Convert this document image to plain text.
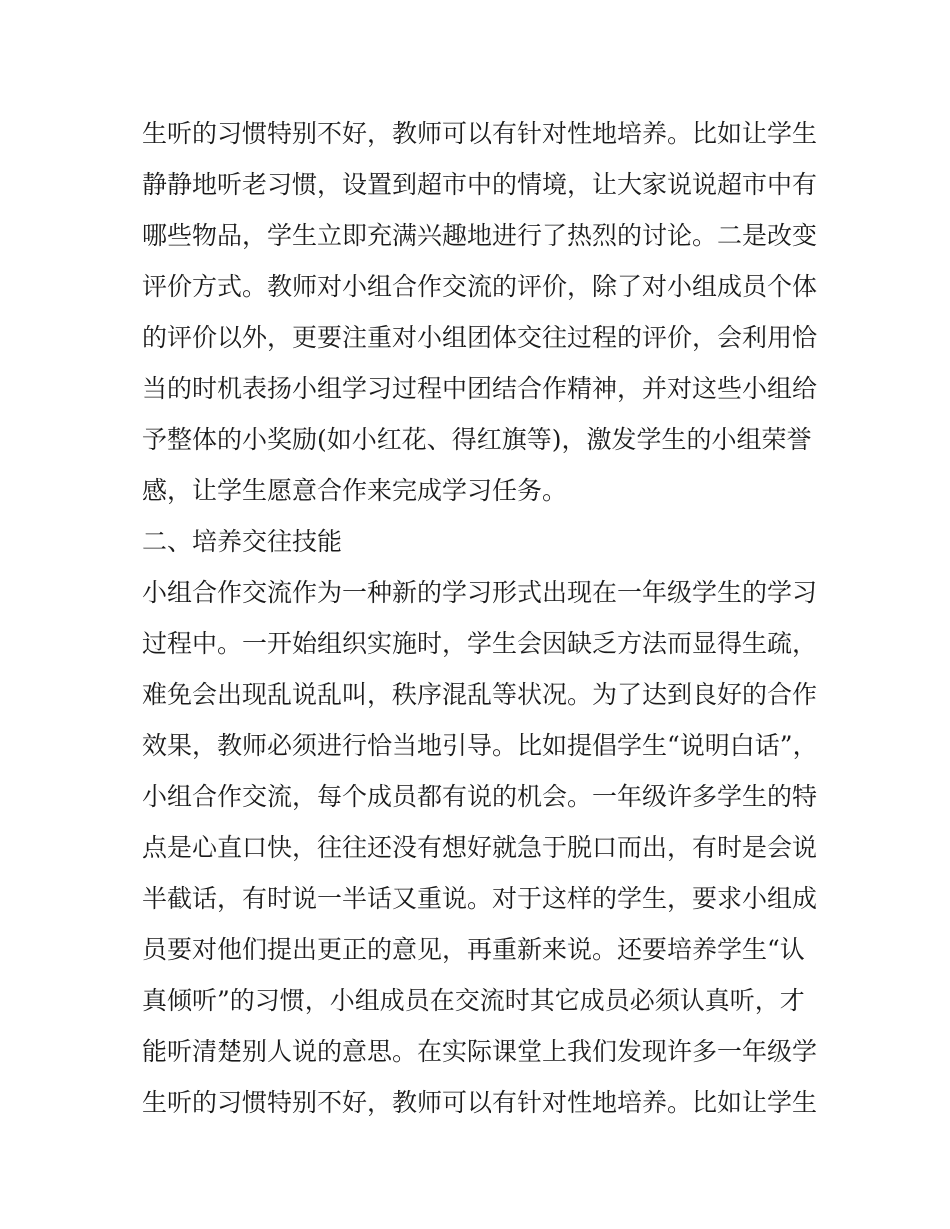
生听的习惯特别不好，教师可以有针对性地培养。比如让学生
静静地听老习惯，设置到超市中的情境，让大家说说超市中有
哪些物品，学生立即充满兴趣地进行了热烈的讨论。二是改变
评价方式。教师对小组合作交流的评价，除了对小组成员个体
的评价以外，更要注重对小组团体交往过程的评价，会利用恰
当的时机表扬小组学习过程中团结合作精神，并对这些小组给
予整体的小奖励(如小红花、得红旗等)，激发学生的小组荣誉
感，让学生愿意合作来完成学习任务。
二、培养交往技能
小组合作交流作为一种新的学习形式出现在一年级学生的学习
过程中。一开始组织实施时，学生会因缺乏方法而显得生疏，
难免会出现乱说乱叫，秩序混乱等状况。为了达到良好的合作
效果，教师必须进行恰当地引导。比如提倡学生“说明白话”，
小组合作交流，每个成员都有说的机会。一年级许多学生的特
点是心直口快，往往还没有想好就急于脱口而出，有时是会说
半截话，有时说一半话又重说。对于这样的学生，要求小组成
员要对他们提出更正的意见，再重新来说。还要培养学生“认
真倾听”的习惯，小组成员在交流时其它成员必须认真听，才
能听清楚别人说的意思。在实际课堂上我们发现许多一年级学
生听的习惯特别不好，教师可以有针对性地培养。比如让学生
